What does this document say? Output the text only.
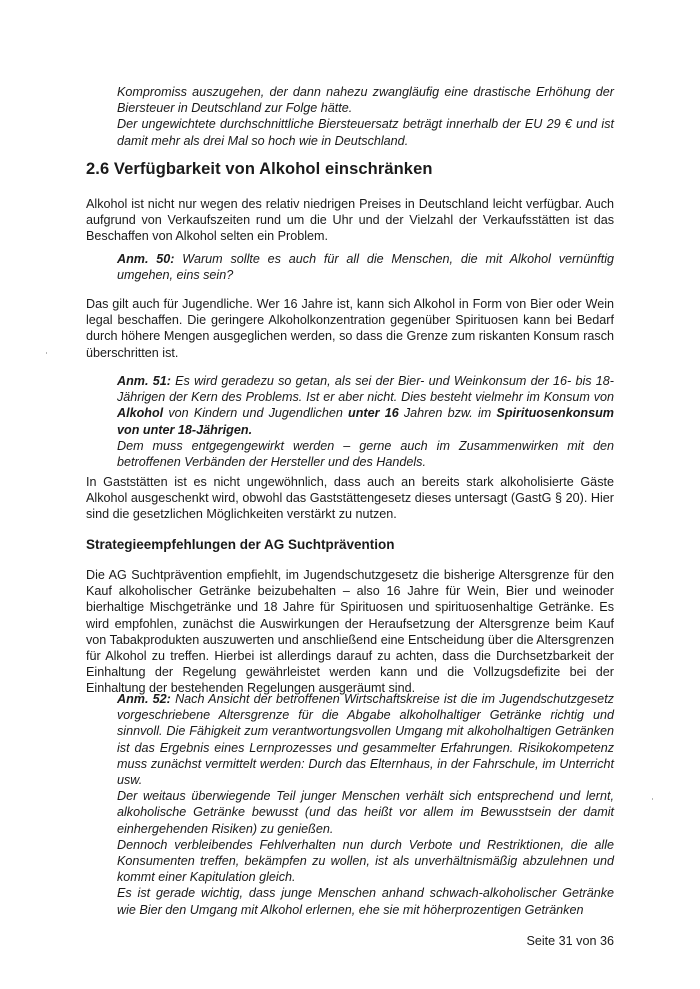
Kompromiss auszugehen, der dann nahezu zwangläufig eine drastische Erhöhung der Biersteuer in Deutschland zur Folge hätte.

Der ungewichtete durchschnittliche Biersteuersatz beträgt innerhalb der EU 29 € und ist damit mehr als drei Mal so hoch wie in Deutschland.

2.6 Verfügbarkeit von Alkohol einschränken

Alkohol ist nicht nur wegen des relativ niedrigen Preises in Deutschland leicht verfügbar. Auch aufgrund von Verkaufszeiten rund um die Uhr und der Vielzahl der Verkaufsstätten ist das Beschaffen von Alkohol selten ein Problem.

Anm. 50: Warum sollte es auch für all die Menschen, die mit Alkohol vernünftig umgehen, eins sein?

Das gilt auch für Jugendliche. Wer 16 Jahre ist, kann sich Alkohol in Form von Bier oder Wein legal beschaffen. Die geringere Alkoholkonzentration gegenüber Spirituosen kann bei Bedarf durch höhere Mengen ausgeglichen werden, so dass die Grenze zum riskanten Konsum rasch überschritten ist.

Anm. 51: Es wird geradezu so getan, als sei der Bier- und Weinkonsum der 16- bis 18-Jährigen der Kern des Problems. Ist er aber nicht. Dies besteht vielmehr im Konsum von Alkohol von Kindern und Jugendlichen unter 16 Jahren bzw. im Spirituosenkonsum von unter 18-Jährigen.

Dem muss entgegengewirkt werden – gerne auch im Zusammenwirken mit den betroffenen Verbänden der Hersteller und des Handels.

In Gaststätten ist es nicht ungewöhnlich, dass auch an bereits stark alkoholisierte Gäste Alkohol ausgeschenkt wird, obwohl das Gaststättengesetz dieses untersagt (GastG § 20). Hier sind die gesetzlichen Möglichkeiten verstärkt zu nutzen.

Strategieempfehlungen der AG Suchtprävention

Die AG Suchtprävention empfiehlt, im Jugendschutzgesetz die bisherige Altersgrenze für den Kauf alkoholischer Getränke beizubehalten – also 16 Jahre für Wein, Bier und weinoder bierhaltige Mischgetränke und 18 Jahre für Spirituosen und spirituosenhaltige Getränke. Es wird empfohlen, zunächst die Auswirkungen der Heraufsetzung der Altersgrenze beim Kauf von Tabakprodukten auszuwerten und anschließend eine Entscheidung über die Altersgrenzen für Alkohol zu treffen. Hierbei ist allerdings darauf zu achten, dass die Durchsetzbarkeit der Einhaltung der Regelung gewährleistet werden kann und die Vollzugsdefizite bei der Einhaltung der bestehenden Regelungen ausgeräumt sind.

Anm. 52: Nach Ansicht der betroffenen Wirtschaftskreise ist die im Jugendschutzgesetz vorgeschriebene Altersgrenze für die Abgabe alkoholhaltiger Getränke richtig und sinnvoll. Die Fähigkeit zum verantwortungsvollen Umgang mit alkoholhaltigen Getränken ist das Ergebnis eines Lernprozesses und gesammelter Erfahrungen. Risikokompetenz muss zunächst vermittelt werden: Durch das Elternhaus, in der Fahrschule, im Unterricht usw.

Der weitaus überwiegende Teil junger Menschen verhält sich entsprechend und lernt, alkoholische Getränke bewusst (und das heißt vor allem im Bewusstsein der damit einhergehenden Risiken) zu genießen.

Dennoch verbleibendes Fehlverhalten nun durch Verbote und Restriktionen, die alle Konsumenten treffen, bekämpfen zu wollen, ist als unverhältnismäßig abzulehnen und kommt einer Kapitulation gleich.

Es ist gerade wichtig, dass junge Menschen anhand schwach-alkoholischer Getränke wie Bier den Umgang mit Alkohol erlernen, ehe sie mit höherprozentigen Getränken

Seite 31 von 36
